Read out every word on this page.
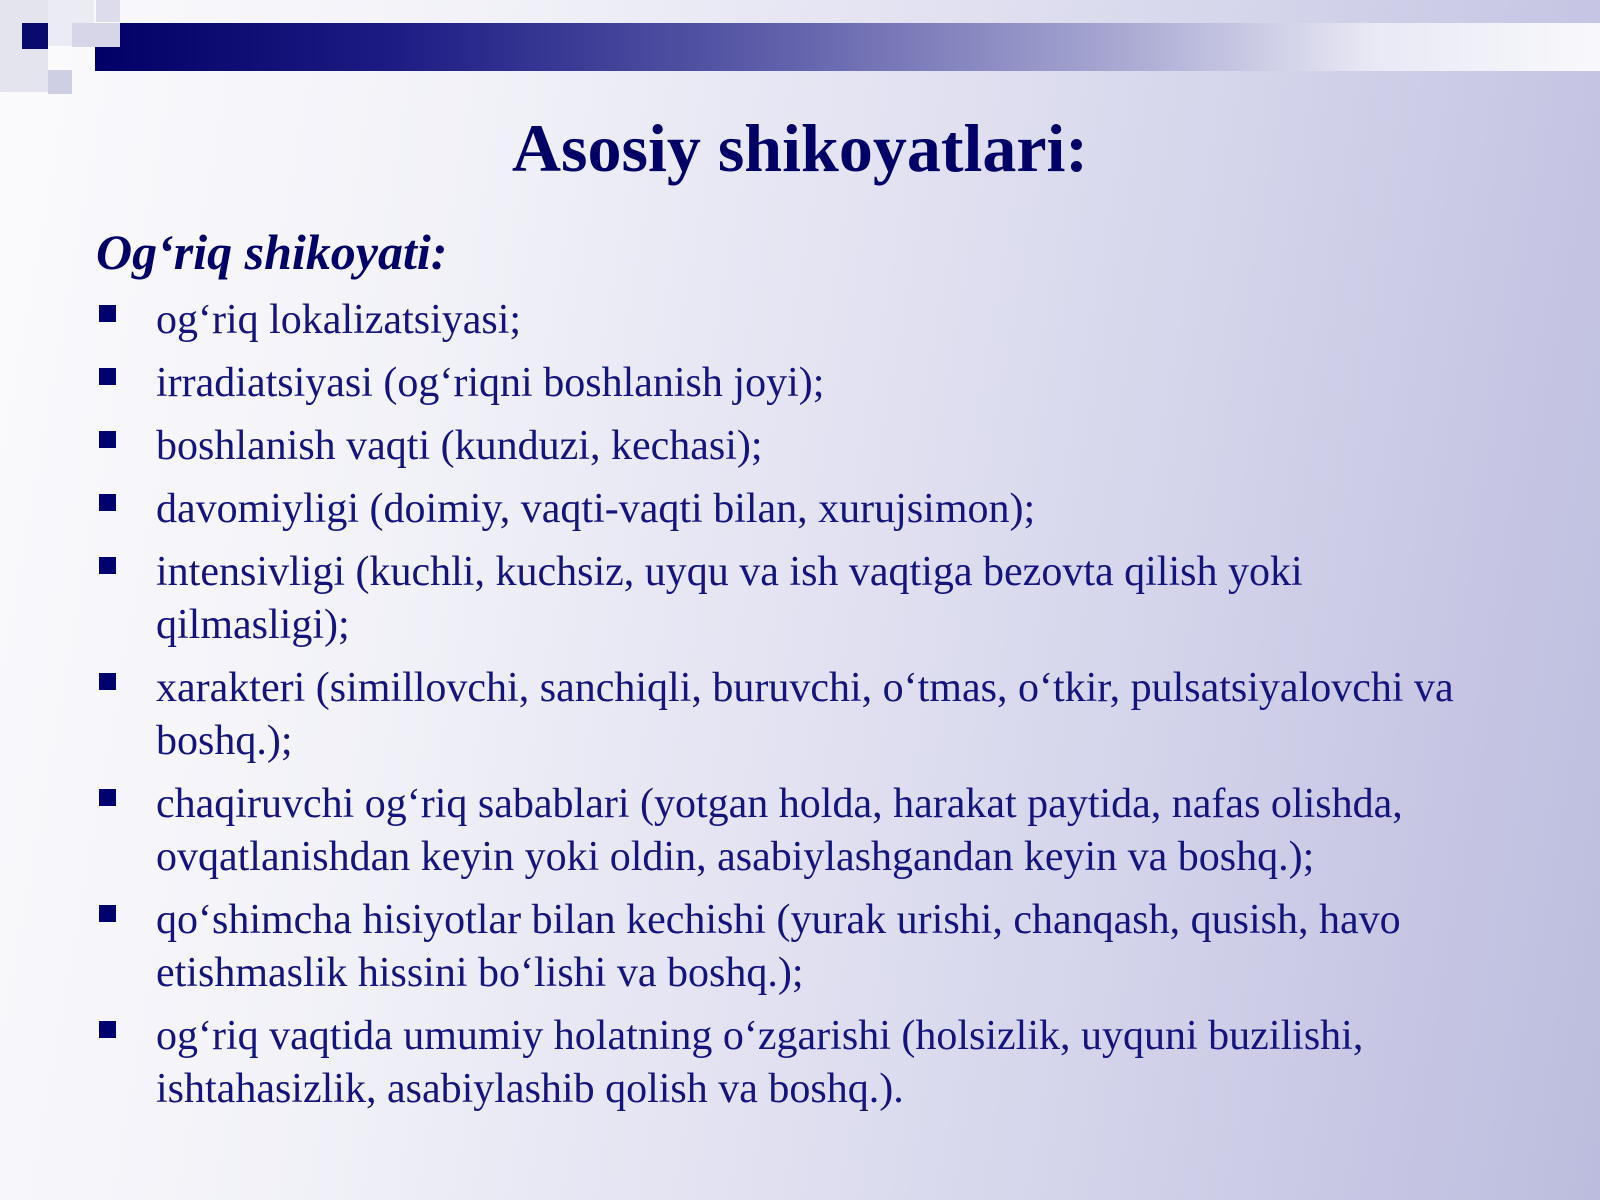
Asosiy shikoyatlari:
Og‘riq shikoyati:
og‘riq lokalizatsiyasi;
irradiatsiyasi (og‘riqni boshlanish joyi);
boshlanish vaqti (kunduzi, kechasi);
davomiyligi (doimiy, vaqti-vaqti bilan, xurujsimon);
intensivligi (kuchli, kuchsiz, uyqu va ish vaqtiga bezovta qilish yoki qilmasligi);
xarakteri (simillovchi, sanchiqli, buruvchi, o‘tmas, o‘tkir, pulsatsiyalovchi va boshq.);
chaqiruvchi og‘riq sabablari (yotgan holda, harakat paytida, nafas olishda, ovqatlanishdan keyin yoki oldin, asabiylashgandan keyin va boshq.);
qo‘shimcha hisiyotlar bilan kechishi (yurak urishi, chanqash, qusish, havo etishmaslik hissini bo‘lishi va boshq.);
og‘riq vaqtida umumiy holatning o‘zgarishi (holsizlik, uyquni buzilishi, ishtahasizlik, asabiylashib qolish va boshq.).
